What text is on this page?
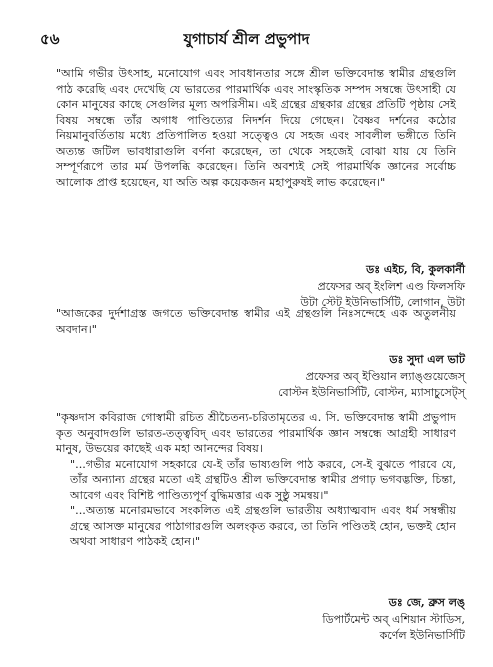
৫৬	যুগাচার্য শ্রীল প্রভুপাদ

"আমি গভীর উৎসাহ, মনোযোগ এবং সাবধানতার সঙ্গে শ্রীল ভক্তিবেদান্ত স্বামীর গ্রন্থগুলি পাঠ করেছি এবং দেখেছি যে ভারতের পারমার্থিক এবং সাংস্কৃতিক সম্পদ সম্বন্ধে উৎসাহী যে কোন মানুষের কাছে সেগুলির মূল্য অপরিসীম। এই গ্রন্থের গ্রন্থকার গ্রন্থের প্রতিটি পৃষ্ঠায় সেই বিষয় সম্বন্ধে তাঁর অগাধ পাণ্ডিত্যের নিদর্শন দিয়ে গেছেন। বৈষ্ণব দর্শনের কঠোর নিয়মানুবর্তিতায় মধ্যে প্রতিপালিত হওয়া সত্ত্বেও যে সহজ এবং সাবলীল ভঙ্গীতে তিনি অত্যন্ত জটিল ভাবধারাগুলি বর্ণনা করেছেন, তা থেকে সহজেই বোঝা যায় যে তিনি সম্পূর্ণরূপে তার মর্ম উপলব্ধি করেছেন। তিনি অবশ্যই সেই পারমার্থিক জ্ঞানের সর্বোচ্চ আলোক প্রাপ্ত হয়েছেন, যা অতি অল্প কয়েকজন মহাপুরুষই লাভ করেছেন।"

ডঃ এইচ, বি, কুলকার্নী
প্রফেসর অব্ ইংলিশ এণ্ড ফিলসফি
উটা স্টেট ইউনিভার্সিটি, লোগান, উটা

"আজকের দুর্দশাগ্রস্ত জগতে ভক্তিবেদান্ত স্বামীর এই গ্রন্থগুলি নিঃসন্দেহে এক অতুলনীয় অবদান।"

ডঃ সুদা এল ভাট
প্রফেসর অব্ ইণ্ডিয়ান ল্যাঙ্গুয়েজেস্
বোস্টন ইউনিভার্সিটি, বোস্টন, ম্যাসাচুসেট্স্

"কৃষ্ণদাস কবিরাজ গোস্বামী রচিত শ্রীচৈতন্য-চরিতামৃতের এ. সি. ভক্তিবেদান্ত স্বামী প্রভুপাদ কৃত অনুবাদগুলি ভারত-তত্ত্ববিদ্ এবং ভারতের পারমার্থিক জ্ঞান সম্বন্ধে আগ্রহী সাধারণ মানুষ, উভয়ের কাছেই এক মহা আনন্দের বিষয়।

"...গভীর মনোযোগ সহকারে যে-ই তাঁর ভাষ্যগুলি পাঠ করবে, সে-ই বুঝতে পারবে যে, তাঁর অন্যান্য গ্রন্থের মতো এই গ্রন্থটিও শ্রীল ভক্তিবেদান্ত স্বামীর প্রগাঢ় ভগবদ্ভক্তি, চিন্তা, আবেগ এবং বিশিষ্ট পাণ্ডিত্যপূর্ণ বুদ্ধিমত্তার এক সুষ্ঠু সমন্বয়।"

"...অত্যন্ত মনোরমভাবে সংকলিত এই গ্রন্থগুলি ভারতীয় অধ্যাত্মবাদ এবং ধর্ম সম্বন্ধীয় গ্রন্থে আসক্ত মানুষের পাঠাগারগুলি অলংকৃত করবে, তা তিনি পণ্ডিতই হোন, ভক্তই হোন অথবা সাধারণ পাঠকই হোন।"

ডঃ জে, ব্রুস লঙ্
ডিপার্টমেন্ট অব্ এশিয়ান স্টাডিস,
কর্ণেল ইউনিভার্সিটি
